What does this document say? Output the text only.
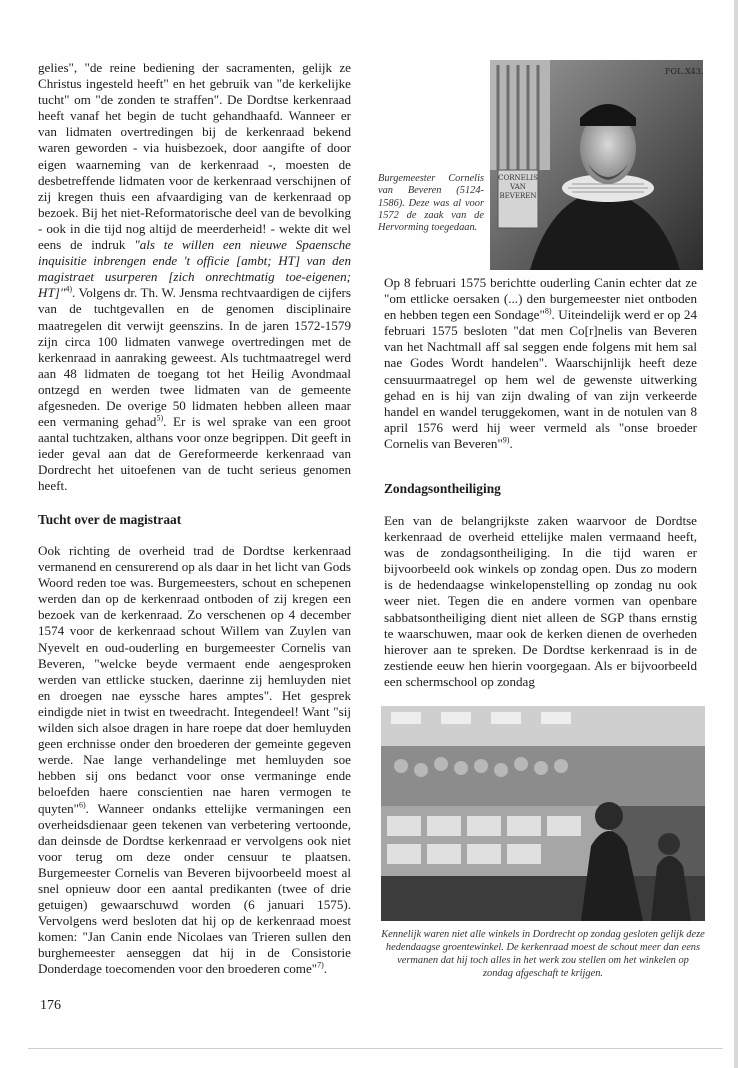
gelies", "de reine bediening der sacramenten, gelijk ze Christus ingesteld heeft" en het gebruik van "de kerkelijke tucht" om "de zonden te straffen". De Dordtse kerkenraad heeft vanaf het begin de tucht gehandhaafd. Wanneer er van lidmaten overtredingen bij de kerkenraad bekend waren geworden - via huisbezoek, door aangifte of door eigen waarneming van de kerkenraad -, moesten de desbetreffende lidmaten voor de kerkenraad verschijnen of zij kregen thuis een afvaardiging van de kerkenraad op bezoek. Bij het niet-Reformatorische deel van de bevolking - ook in die tijd nog altijd de meerderheid! - wekte dit wel eens de indruk "als te willen een nieuwe Spaensche inquisitie inbrengen ende 't officie [ambt; HT] van den magistraet usurperen [zich onrechtmatig toe-eigenen; HT]"$^{4)}$. Volgens dr. Th. W. Jensma rechtvaardigen de cijfers van de tuchtgevallen en de genomen disciplinaire maatregelen dit verwijt geenszins. In de jaren 1572-1579 zijn circa 100 lidmaten vanwege overtredingen met de kerkenraad in aanraking geweest. Als tuchtmaatregel werd aan 48 lidmaten de toegang tot het Heilig Avondmaal ontzegd en werden twee lidmaten van de gemeente afgesneden. De overige 50 lidmaten hebben alleen maar een vermaning gehad$^{5)}$. Er is wel sprake van een groot aantal tuchtzaken, althans voor onze begrippen. Dit geeft in ieder geval aan dat de Gereformeerde kerkenraad van Dordrecht het uitoefenen van de tucht serieus genomen heeft.

Tucht over de magistraat

Ook richting de overheid trad de Dordtse kerkenraad vermanend en censurerend op als daar in het licht van Gods Woord reden toe was. Burgemeesters, schout en schepenen werden dan op de kerkenraad ontboden of zij kregen een bezoek van de kerkenraad. Zo verschenen op 4 december 1574 voor de kerkenraad schout Willem van Zuylen van Nyevelt en oud-ouderling en burgemeester Cornelis van Beveren, "welcke beyde vermaent ende aengesproken werden van ettlicke stucken, daerinne zij hemluyden niet en droegen nae eyssche hares amptes". Het gesprek eindigde niet in twist en tweedracht. Integendeel! Want "sij wilden sich alsoe dragen in hare roepe dat doer hemluyden geen erchnisse onder den broederen der gemeinte gegeven werde. Nae lange verhandelinge met hemluyden soe hebben sij ons bedanct voor onse vermaninge ende beloefden haere conscientien nae haren vermogen te quyten"$^{6)}$. Wanneer ondanks ettelijke vermaningen een overheidsdienaar geen tekenen van verbetering vertoonde, dan deinsde de Dordtse kerkenraad er vervolgens ook niet voor terug om deze onder censuur te plaatsen. Burgemeester Cornelis van Beveren bijvoorbeeld moest al snel opnieuw door een aantal predikanten (twee of drie getuigen) gewaarschuwd worden (6 januari 1575). Vervolgens werd besloten dat hij op de kerkenraad moest komen: "Jan Canin ende Nicolaes van Trieren sullen den burghemeester aenseggen dat hij in de Consistorie Donderdage toecomenden voor den broederen come"$^{7)}$.

Burgemeester Cornelis van Beveren (5124-1586). Deze was al voor 1572 de zaak van de Hervorming toegedaan.
FOL.X43.
CORNELIS VAN BEVEREN

Op 8 februari 1575 berichtte ouderling Canin echter dat ze "om ettlicke oersaken (...) den burgemeester niet ontboden en hebben tegen een Sondage"$^{8)}$. Uiteindelijk werd er op 24 februari 1575 besloten "dat men Co[r]nelis van Beveren van het Nachtmall aff sal seggen ende folgens mit hem sal nae Godes Wordt handelen". Waarschijnlijk heeft deze censuurmaatregel op hem wel de gewenste uitwerking gehad en is hij van zijn dwaling of van zijn verkeerde handel en wandel teruggekomen, want in de notulen van 8 april 1576 werd hij weer vermeld als "onse broeder Cornelis van Beveren"$^{9)}$.

Zondagsontheiliging

Een van de belangrijkste zaken waarvoor de Dordtse kerkenraad de overheid ettelijke malen vermaand heeft, was de zondagsontheiliging. In die tijd waren er bijvoorbeeld ook winkels op zondag open. Dus zo modern is de hedendaagse winkelopenstelling op zondag nu ook weer niet. Tegen die en andere vormen van openbare sabbatsontheiliging dient niet alleen de SGP thans ernstig te waarschuwen, maar ook de kerken dienen de overheden hierover aan te spreken. De Dordtse kerkenraad is in de zestiende eeuw hen hierin voorgegaan. Als er bijvoorbeeld een schermschool op zondag

Kennelijk waren niet alle winkels in Dordrecht op zondag gesloten gelijk deze hedendaagse groentewinkel. De kerkenraad moest de schout meer dan eens vermanen dat hij toch alles in het werk zou stellen om het winkelen op zondag afgeschaft te krijgen.
176
